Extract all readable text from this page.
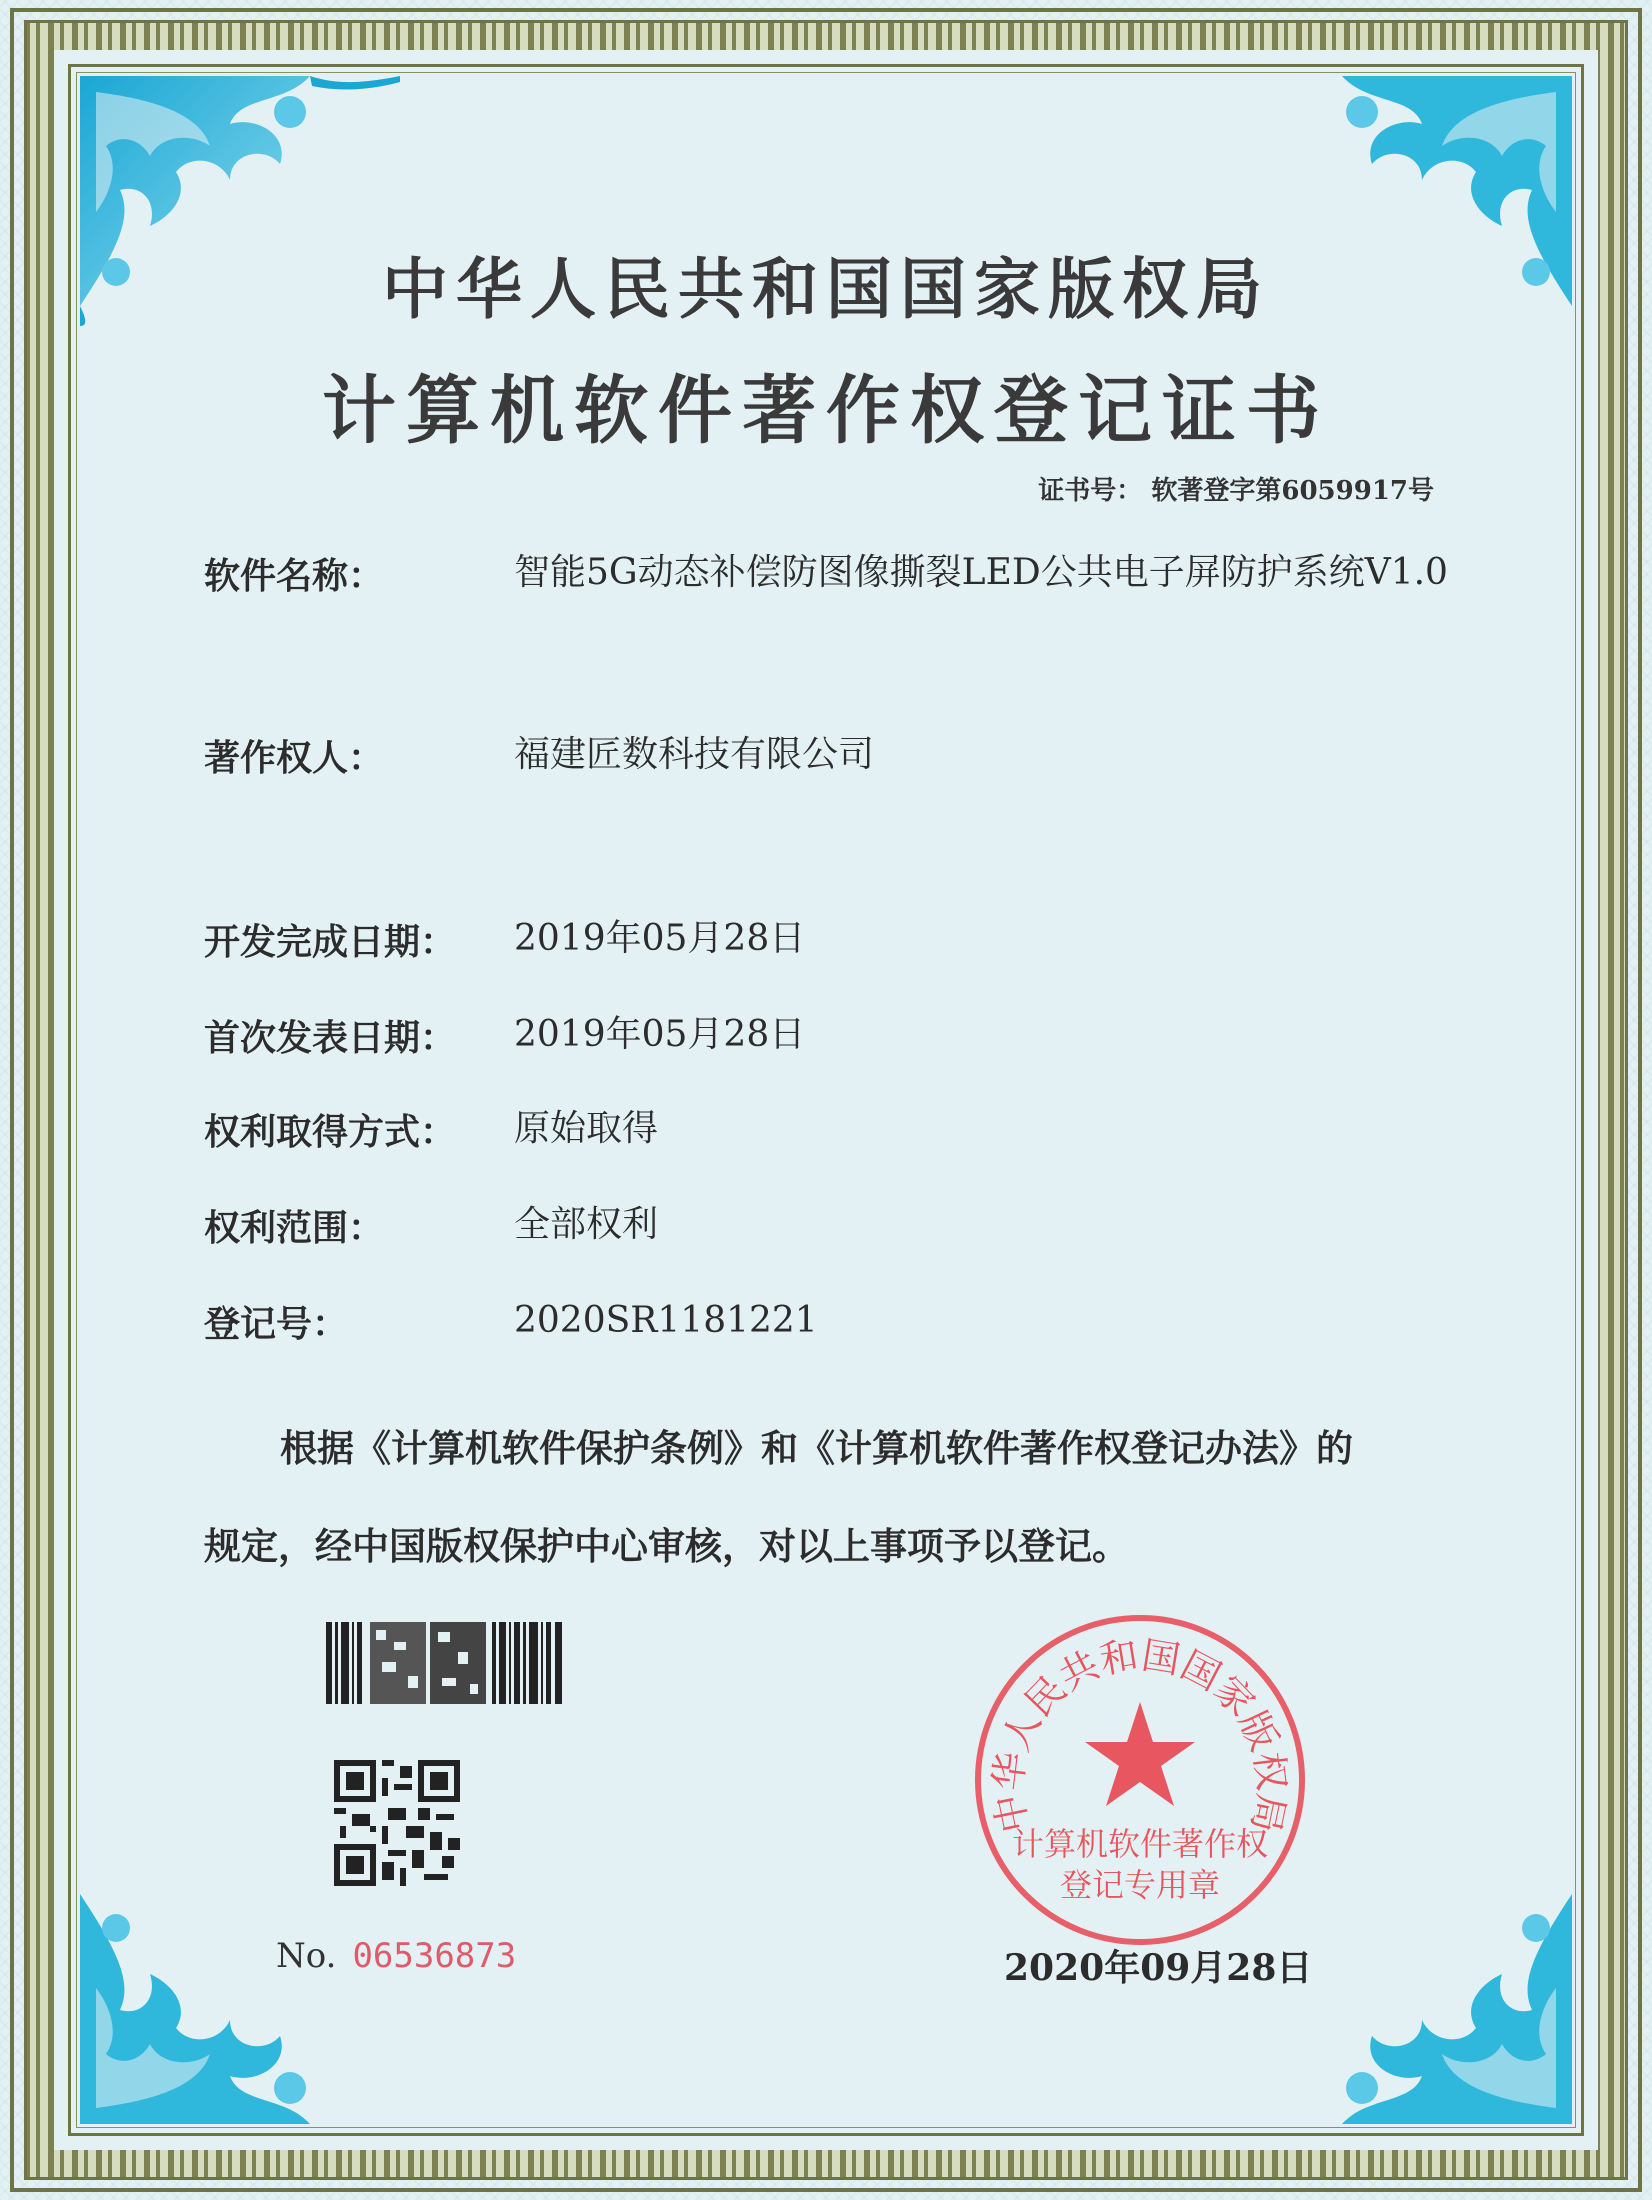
中华人民共和国国家版权局
计算机软件著作权登记证书
证书号： 软著登字第6059917号
软件名称：	智能5G动态补偿防图像撕裂LED公共电子屏防护系统V1.0
著作权人：	福建匠数科技有限公司
开发完成日期：	2019年05月28日
首次发表日期：	2019年05月28日
权利取得方式：	原始取得
权利范围：	全部权利
登记号：	2020SR1181221
根据《计算机软件保护条例》和《计算机软件著作权登记办法》的
规定，经中国版权保护中心审核，对以上事项予以登记。
No. 06536873
中华人民共和国国家版权局
计算机软件著作权
登记专用章
2020年09月28日
